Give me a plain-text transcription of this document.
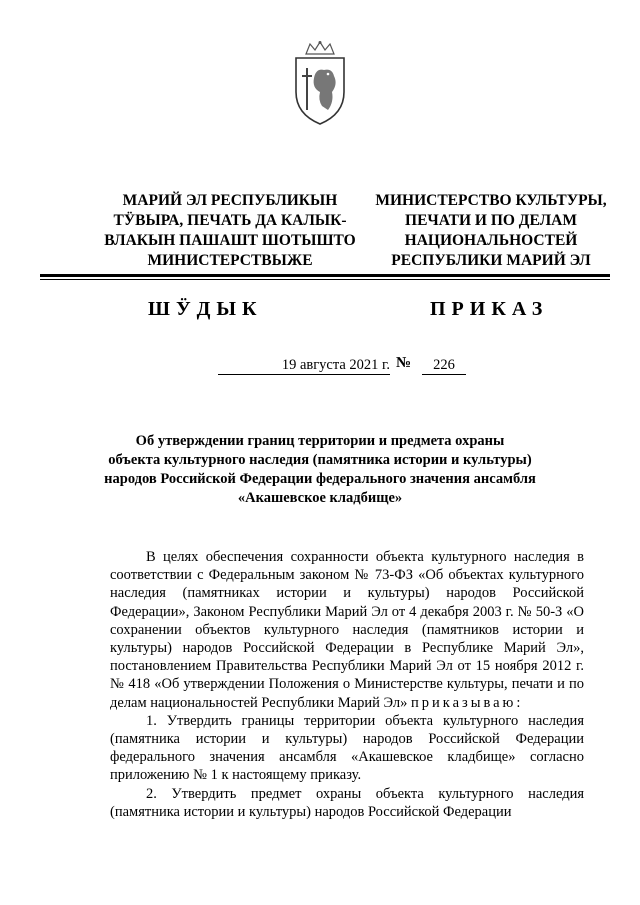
МАРИЙ ЭЛ РЕСПУБЛИКЫН
ТӰВЫРА, ПЕЧАТЬ ДА КАЛЫК-
ВЛАКЫН ПАШАШТ ШОТЫШТО
МИНИСТЕРСТВЫЖЕ
МИНИСТЕРСТВО КУЛЬТУРЫ,
ПЕЧАТИ И ПО ДЕЛАМ
НАЦИОНАЛЬНОСТЕЙ
РЕСПУБЛИКИ МАРИЙ ЭЛ
ШӰДЫК	ПРИКАЗ
19 августа 2021 г. №	226
Об утверждении границ территории и предмета охраны
объекта культурного наследия (памятника истории и культуры)
народов Российской Федерации федерального значения ансамбля
«Акашевское кладбище»

В целях обеспечения сохранности объекта культурного наследия в соответствии с Федеральным законом № 73-ФЗ «Об объектах культурного наследия (памятниках истории и культуры) народов Российской Федерации», Законом Республики Марий Эл от 4 декабря 2003 г. № 50-З «О сохранении объектов культурного наследия (памятников истории и культуры) народов Российской Федерации в Республике Марий Эл», постановлением Правительства Республики Марий Эл от 15 ноября 2012 г. № 418 «Об утверждении Положения о Министерстве культуры, печати и по делам национальностей Республики Марий Эл» приказываю:

1. Утвердить границы территории объекта культурного наследия (памятника истории и культуры) народов Российской Федерации федерального значения ансамбля «Акашевское кладбище» согласно приложению № 1 к настоящему приказу.

2. Утвердить предмет охраны объекта культурного наследия (памятника истории и культуры) народов Российской Федерации
